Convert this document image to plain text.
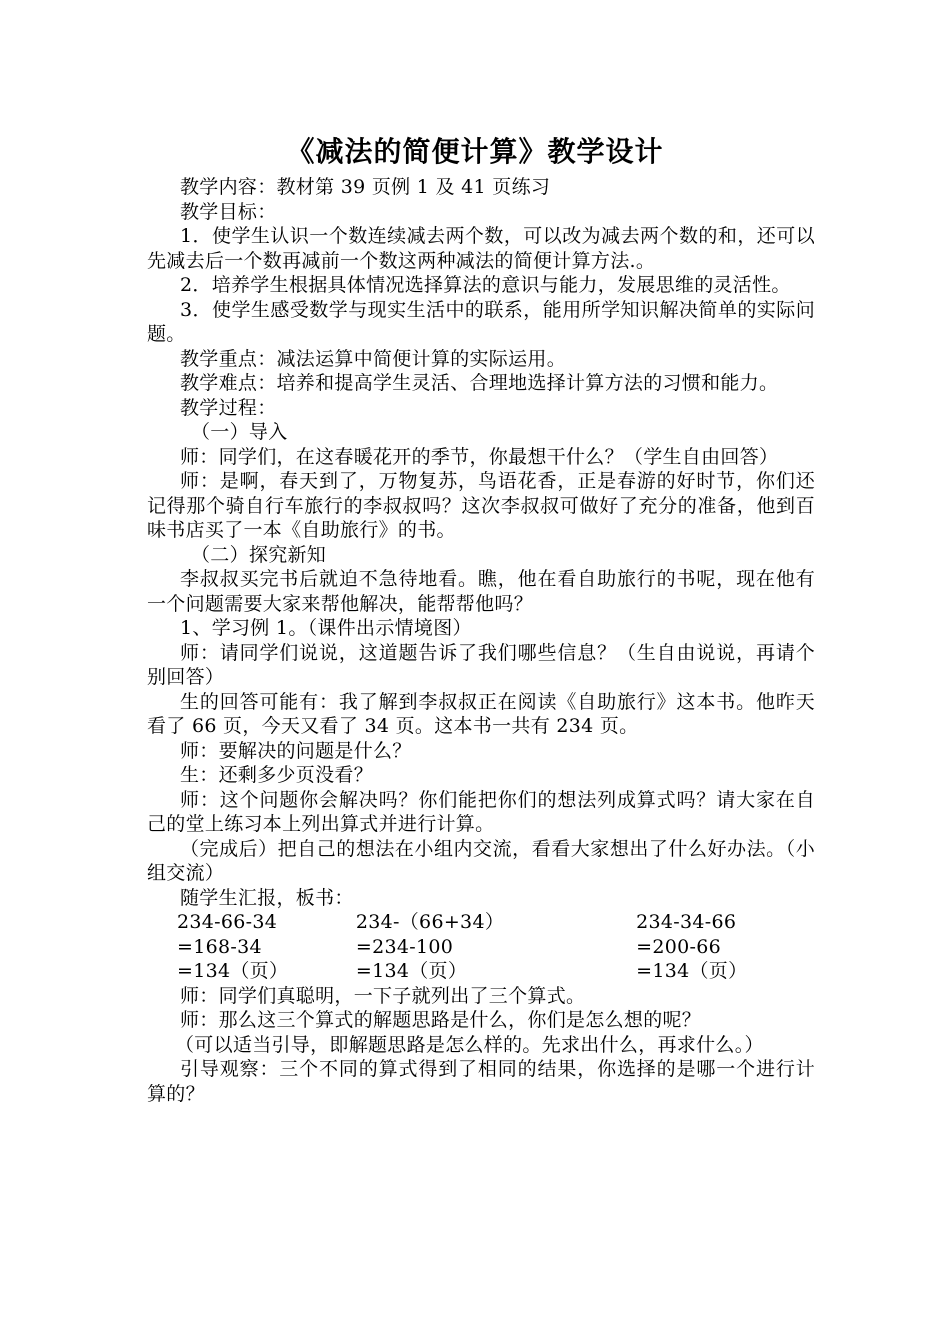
《减法的简便计算》教学设计

教学内容：教材第 39 页例 1 及 41 页练习

教学目标：

1．使学生认识一个数连续减去两个数，可以改为减去两个数的和，还可以先减去后一个数再减前一个数这两种减法的简便计算方法.。

2．培养学生根据具体情况选择算法的意识与能力，发展思维的灵活性。

3．使学生感受数学与现实生活中的联系，能用所学知识解决简单的实际问题。

教学重点：减法运算中简便计算的实际运用。

教学难点：培养和提高学生灵活、合理地选择计算方法的习惯和能力。

教学过程：

（一）导入

师：同学们，在这春暖花开的季节，你最想干什么？（学生自由回答）

师：是啊，春天到了，万物复苏，鸟语花香，正是春游的好时节，你们还记得那个骑自行车旅行的李叔叔吗？这次李叔叔可做好了充分的准备，他到百味书店买了一本《自助旅行》的书。

（二）探究新知

李叔叔买完书后就迫不急待地看。瞧，他在看自助旅行的书呢，现在他有一个问题需要大家来帮他解决，能帮帮他吗？

1、学习例 1。（课件出示情境图）

师：请同学们说说，这道题告诉了我们哪些信息？（生自由说说，再请个别回答）

生的回答可能有：我了解到李叔叔正在阅读《自助旅行》这本书。他昨天看了 66 页，今天又看了 34 页。这本书一共有 234 页。

师：要解决的问题是什么？

生：还剩多少页没看？

师：这个问题你会解决吗？你们能把你们的想法列成算式吗？请大家在自己的堂上练习本上列出算式并进行计算。

（完成后）把自己的想法在小组内交流，看看大家想出了什么好办法。（小组交流）

随学生汇报，板书：

234-66-34	234-（66+34）	234-34-66
=168-34	=234-100	=200-66
=134（页）	=134（页）	=134（页）

师：同学们真聪明，一下子就列出了三个算式。

师：那么这三个算式的解题思路是什么，你们是怎么想的呢？

（可以适当引导，即解题思路是怎么样的。先求出什么，再求什么。）

引导观察：三个不同的算式得到了相同的结果，你选择的是哪一个进行计算的？
